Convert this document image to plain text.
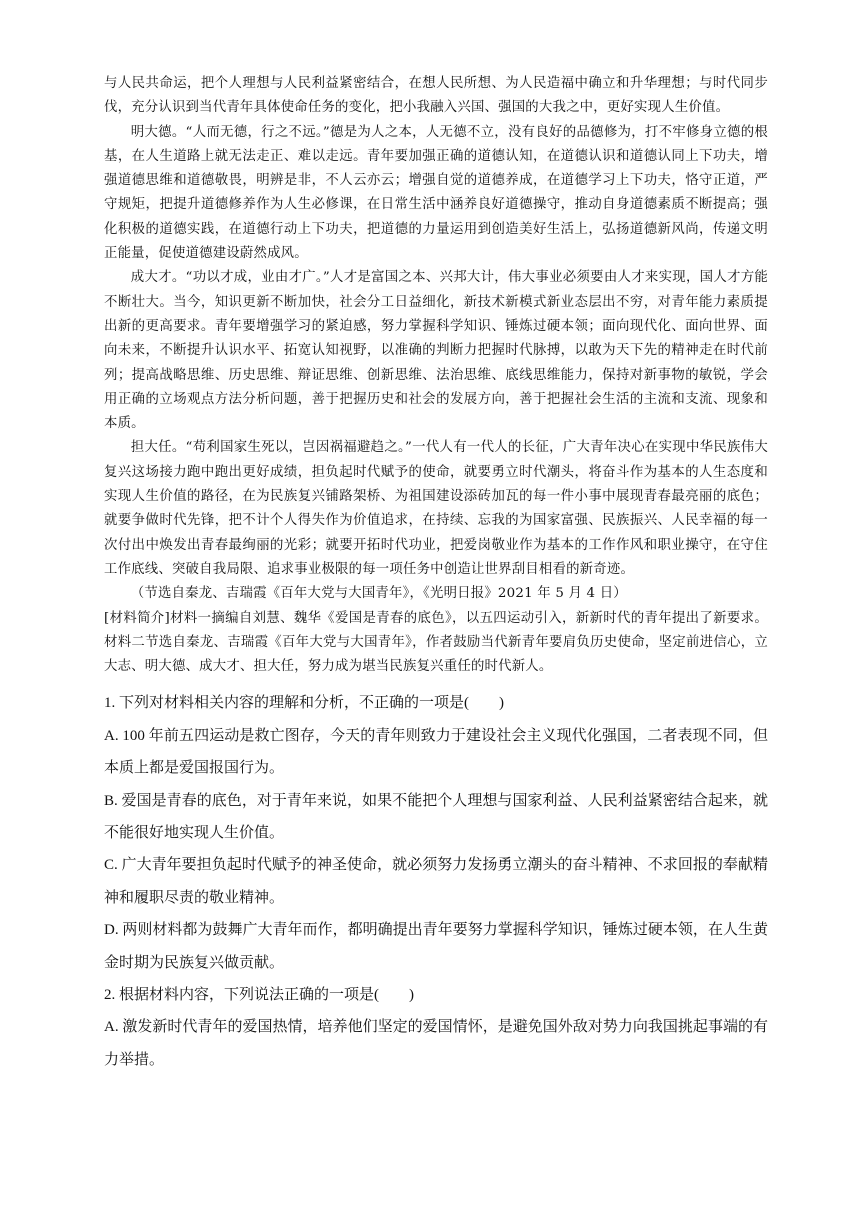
与人民共命运，把个人理想与人民利益紧密结合，在想人民所想、为人民造福中确立和升华理想；与时代同步伐，充分认识到当代青年具体使命任务的变化，把小我融入兴国、强国的大我之中，更好实现人生价值。

明大德。“人而无德，行之不远。”德是为人之本，人无德不立，没有良好的品德修为，打不牢修身立德的根基，在人生道路上就无法走正、难以走远。青年要加强正确的道德认知，在道德认识和道德认同上下功夫，增强道德思维和道德敬畏，明辨是非，不人云亦云；增强自觉的道德养成，在道德学习上下功夫，恪守正道，严守规矩，把提升道德修养作为人生必修课，在日常生活中涵养良好道德操守，推动自身道德素质不断提高；强化积极的道德实践，在道德行动上下功夫，把道德的力量运用到创造美好生活上，弘扬道德新风尚，传递文明正能量，促使道德建设蔚然成风。

成大才。“功以才成，业由才广。”人才是富国之本、兴邦大计，伟大事业必须要由人才来实现，国人才方能不断壮大。当今，知识更新不断加快，社会分工日益细化，新技术新模式新业态层出不穷，对青年能力素质提出新的更高要求。青年要增强学习的紧迫感，努力掌握科学知识、锤炼过硬本领；面向现代化、面向世界、面向未来，不断提升认识水平、拓宽认知视野，以准确的判断力把握时代脉搏，以敢为天下先的精神走在时代前列；提高战略思维、历史思维、辩证思维、创新思维、法治思维、底线思维能力，保持对新事物的敏锐，学会用正确的立场观点方法分析问题，善于把握历史和社会的发展方向，善于把握社会生活的主流和支流、现象和本质。

担大任。“苟利国家生死以，岂因祸福避趋之。”一代人有一代人的长征，广大青年决心在实现中华民族伟大复兴这场接力跑中跑出更好成绩，担负起时代赋予的使命，就要勇立时代潮头，将奋斗作为基本的人生态度和实现人生价值的路径，在为民族复兴铺路架桥、为祖国建设添砖加瓦的每一件小事中展现青春最亮丽的底色；就要争做时代先锋，把不计个人得失作为价值追求，在持续、忘我的为国家富强、民族振兴、人民幸福的每一次付出中焕发出青春最绚丽的光彩；就要开拓时代功业，把爱岗敬业作为基本的工作作风和职业操守，在守住工作底线、突破自我局限、追求事业极限的每一项任务中创造让世界刮目相看的新奇迹。

（节选自秦龙、吉瑞霞《百年大党与大国青年》，《光明日报》2021 年 5 月 4 日）

[材料简介]材料一摘编自刘慧、魏华《爱国是青春的底色》，以五四运动引入，新新时代的青年提出了新要求。材料二节选自秦龙、吉瑞霞《百年大党与大国青年》，作者鼓励当代新青年要肩负历史使命，坚定前进信心，立大志、明大德、成大才、担大任，努力成为堪当民族复兴重任的时代新人。

1. 下列对材料相关内容的理解和分析，不正确的一项是(        )

A. 100 年前五四运动是救亡图存，今天的青年则致力于建设社会主义现代化强国，二者表现不同，但本质上都是爱国报国行为。

B. 爱国是青春的底色，对于青年来说，如果不能把个人理想与国家利益、人民利益紧密结合起来，就不能很好地实现人生价值。

C. 广大青年要担负起时代赋予的神圣使命，就必须努力发扬勇立潮头的奋斗精神、不求回报的奉献精神和履职尽责的敬业精神。

D. 两则材料都为鼓舞广大青年而作，都明确提出青年要努力掌握科学知识，锤炼过硬本领，在人生黄金时期为民族复兴做贡献。

2. 根据材料内容，下列说法正确的一项是(        )

A. 激发新时代青年的爱国热情，培养他们坚定的爱国情怀，是避免国外敌对势力向我国挑起事端的有力举措。
